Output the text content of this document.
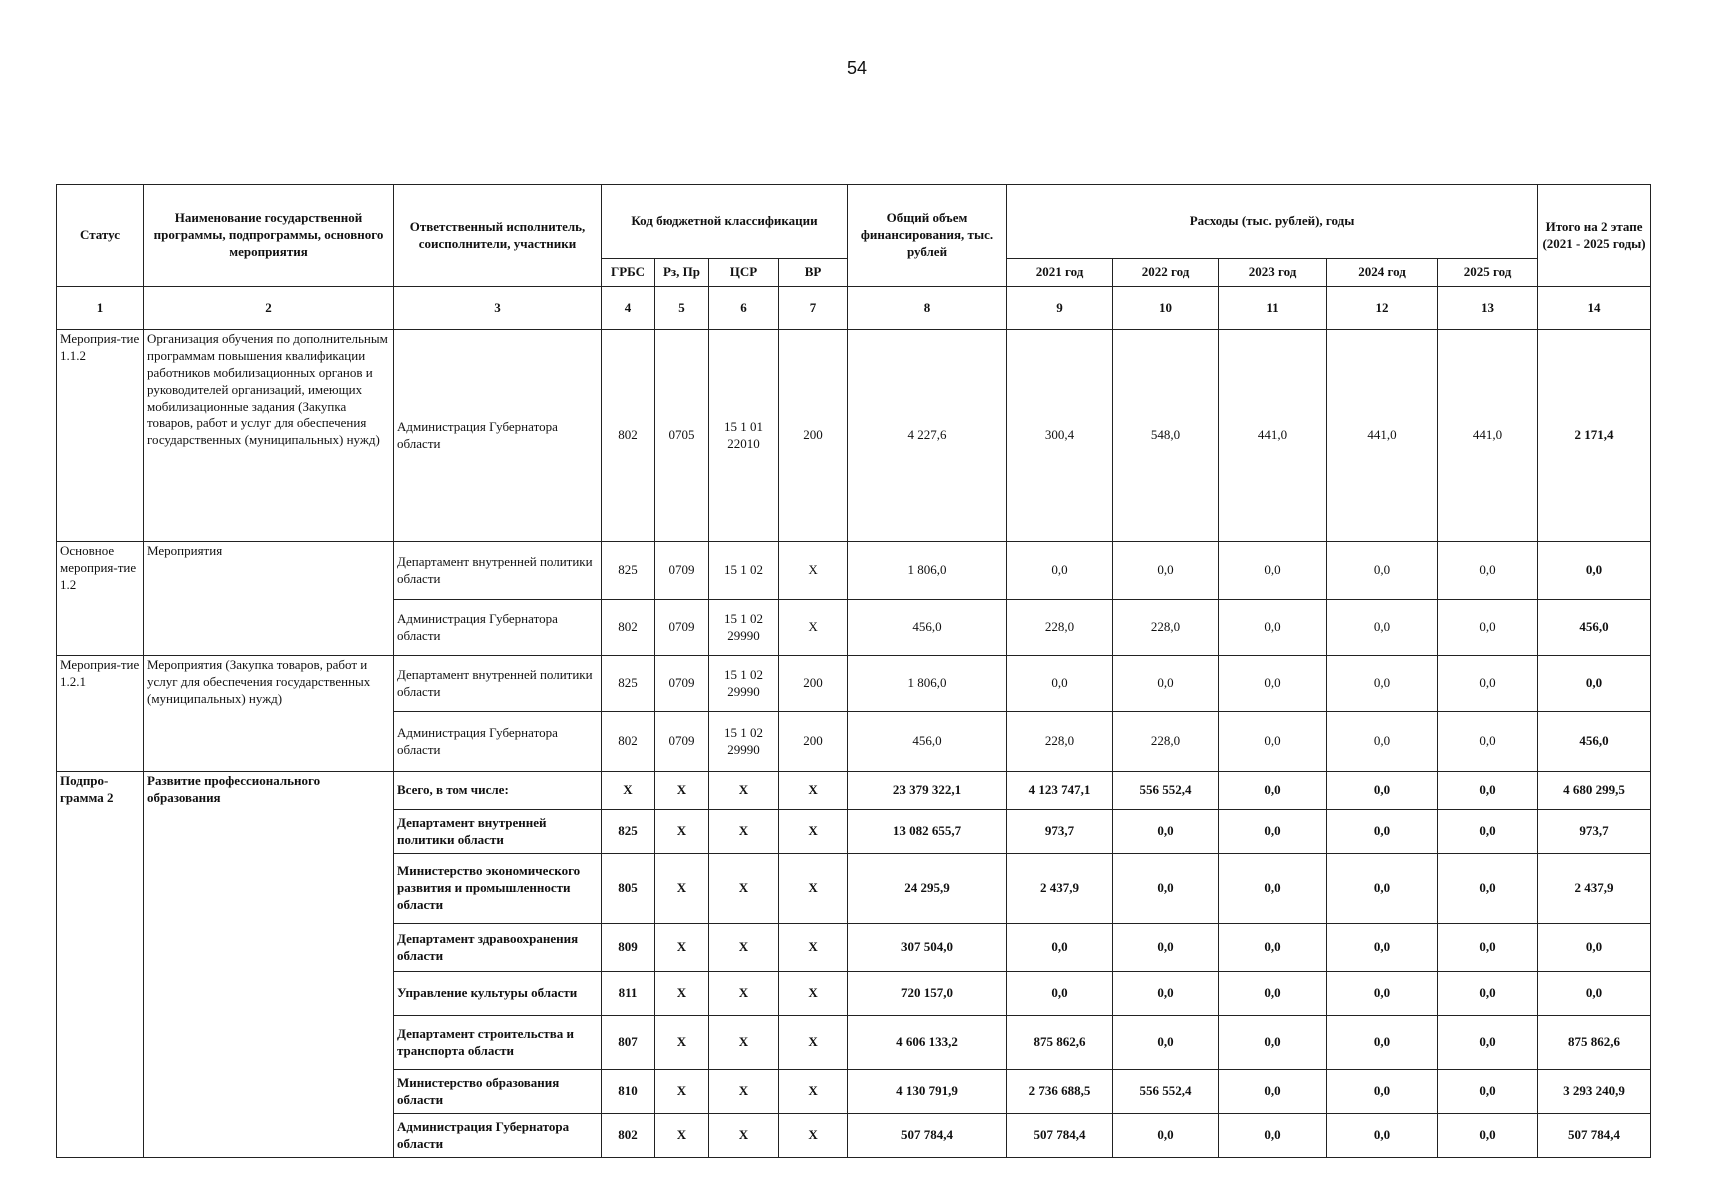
54
Статус	Наименование государственной программы, подпрограммы, основного мероприятия	Ответственный исполнитель, соисполнители, участники	Код бюджетной классификации				Общий объем финансирования, тыс. рублей	Расходы (тыс. рублей), годы					Итого на 2 этапе (2021 - 2025 годы)
			ГРБС	Рз, Пр	ЦСР	ВР		2021 год	2022 год	2023 год	2024 год	2025 год	
1	2	3	4	5	6	7	8	9	10	11	12	13	14
Мероприя-тие 1.1.2	Организация обучения по дополнительным программам повышения квалификации работников мобилизационных органов и руководителей организаций, имеющих мобилизационные задания (Закупка товаров, работ и услуг для обеспечения государственных (муниципальных) нужд)	Администрация Губернатора области	802	0705	15 1 01 22010	200	4 227,6	300,4	548,0	441,0	441,0	441,0	2 171,4
Основное мероприя-тие 1.2	Мероприятия	Департамент внутренней политики области	825	0709	15 1 02	Х	1 806,0	0,0	0,0	0,0	0,0	0,0	0,0
		Администрация Губернатора области	802	0709	15 1 02 29990	Х	456,0	228,0	228,0	0,0	0,0	0,0	456,0
Мероприя-тие 1.2.1	Мероприятия (Закупка товаров, работ и услуг для обеспечения государственных (муниципальных) нужд)	Департамент внутренней политики области	825	0709	15 1 02 29990	200	1 806,0	0,0	0,0	0,0	0,0	0,0	0,0
		Администрация Губернатора области	802	0709	15 1 02 29990	200	456,0	228,0	228,0	0,0	0,0	0,0	456,0
Подпро-грамма 2	Развитие профессионального образования	Всего, в том числе:	Х	Х	Х	Х	23 379 322,1	4 123 747,1	556 552,4	0,0	0,0	0,0	4 680 299,5
		Департамент внутренней политики области	825	Х	Х	Х	13 082 655,7	973,7	0,0	0,0	0,0	0,0	973,7
		Министерство экономического развития и промышленности области	805	Х	Х	Х	24 295,9	2 437,9	0,0	0,0	0,0	0,0	2 437,9
		Департамент здравоохранения области	809	Х	Х	Х	307 504,0	0,0	0,0	0,0	0,0	0,0	0,0
		Управление культуры области	811	Х	Х	Х	720 157,0	0,0	0,0	0,0	0,0	0,0	0,0
		Департамент строительства и транспорта области	807	Х	Х	Х	4 606 133,2	875 862,6	0,0	0,0	0,0	0,0	875 862,6
		Министерство образования области	810	Х	Х	Х	4 130 791,9	2 736 688,5	556 552,4	0,0	0,0	0,0	3 293 240,9
		Администрация Губернатора области	802	Х	Х	Х	507 784,4	507 784,4	0,0	0,0	0,0	0,0	507 784,4
